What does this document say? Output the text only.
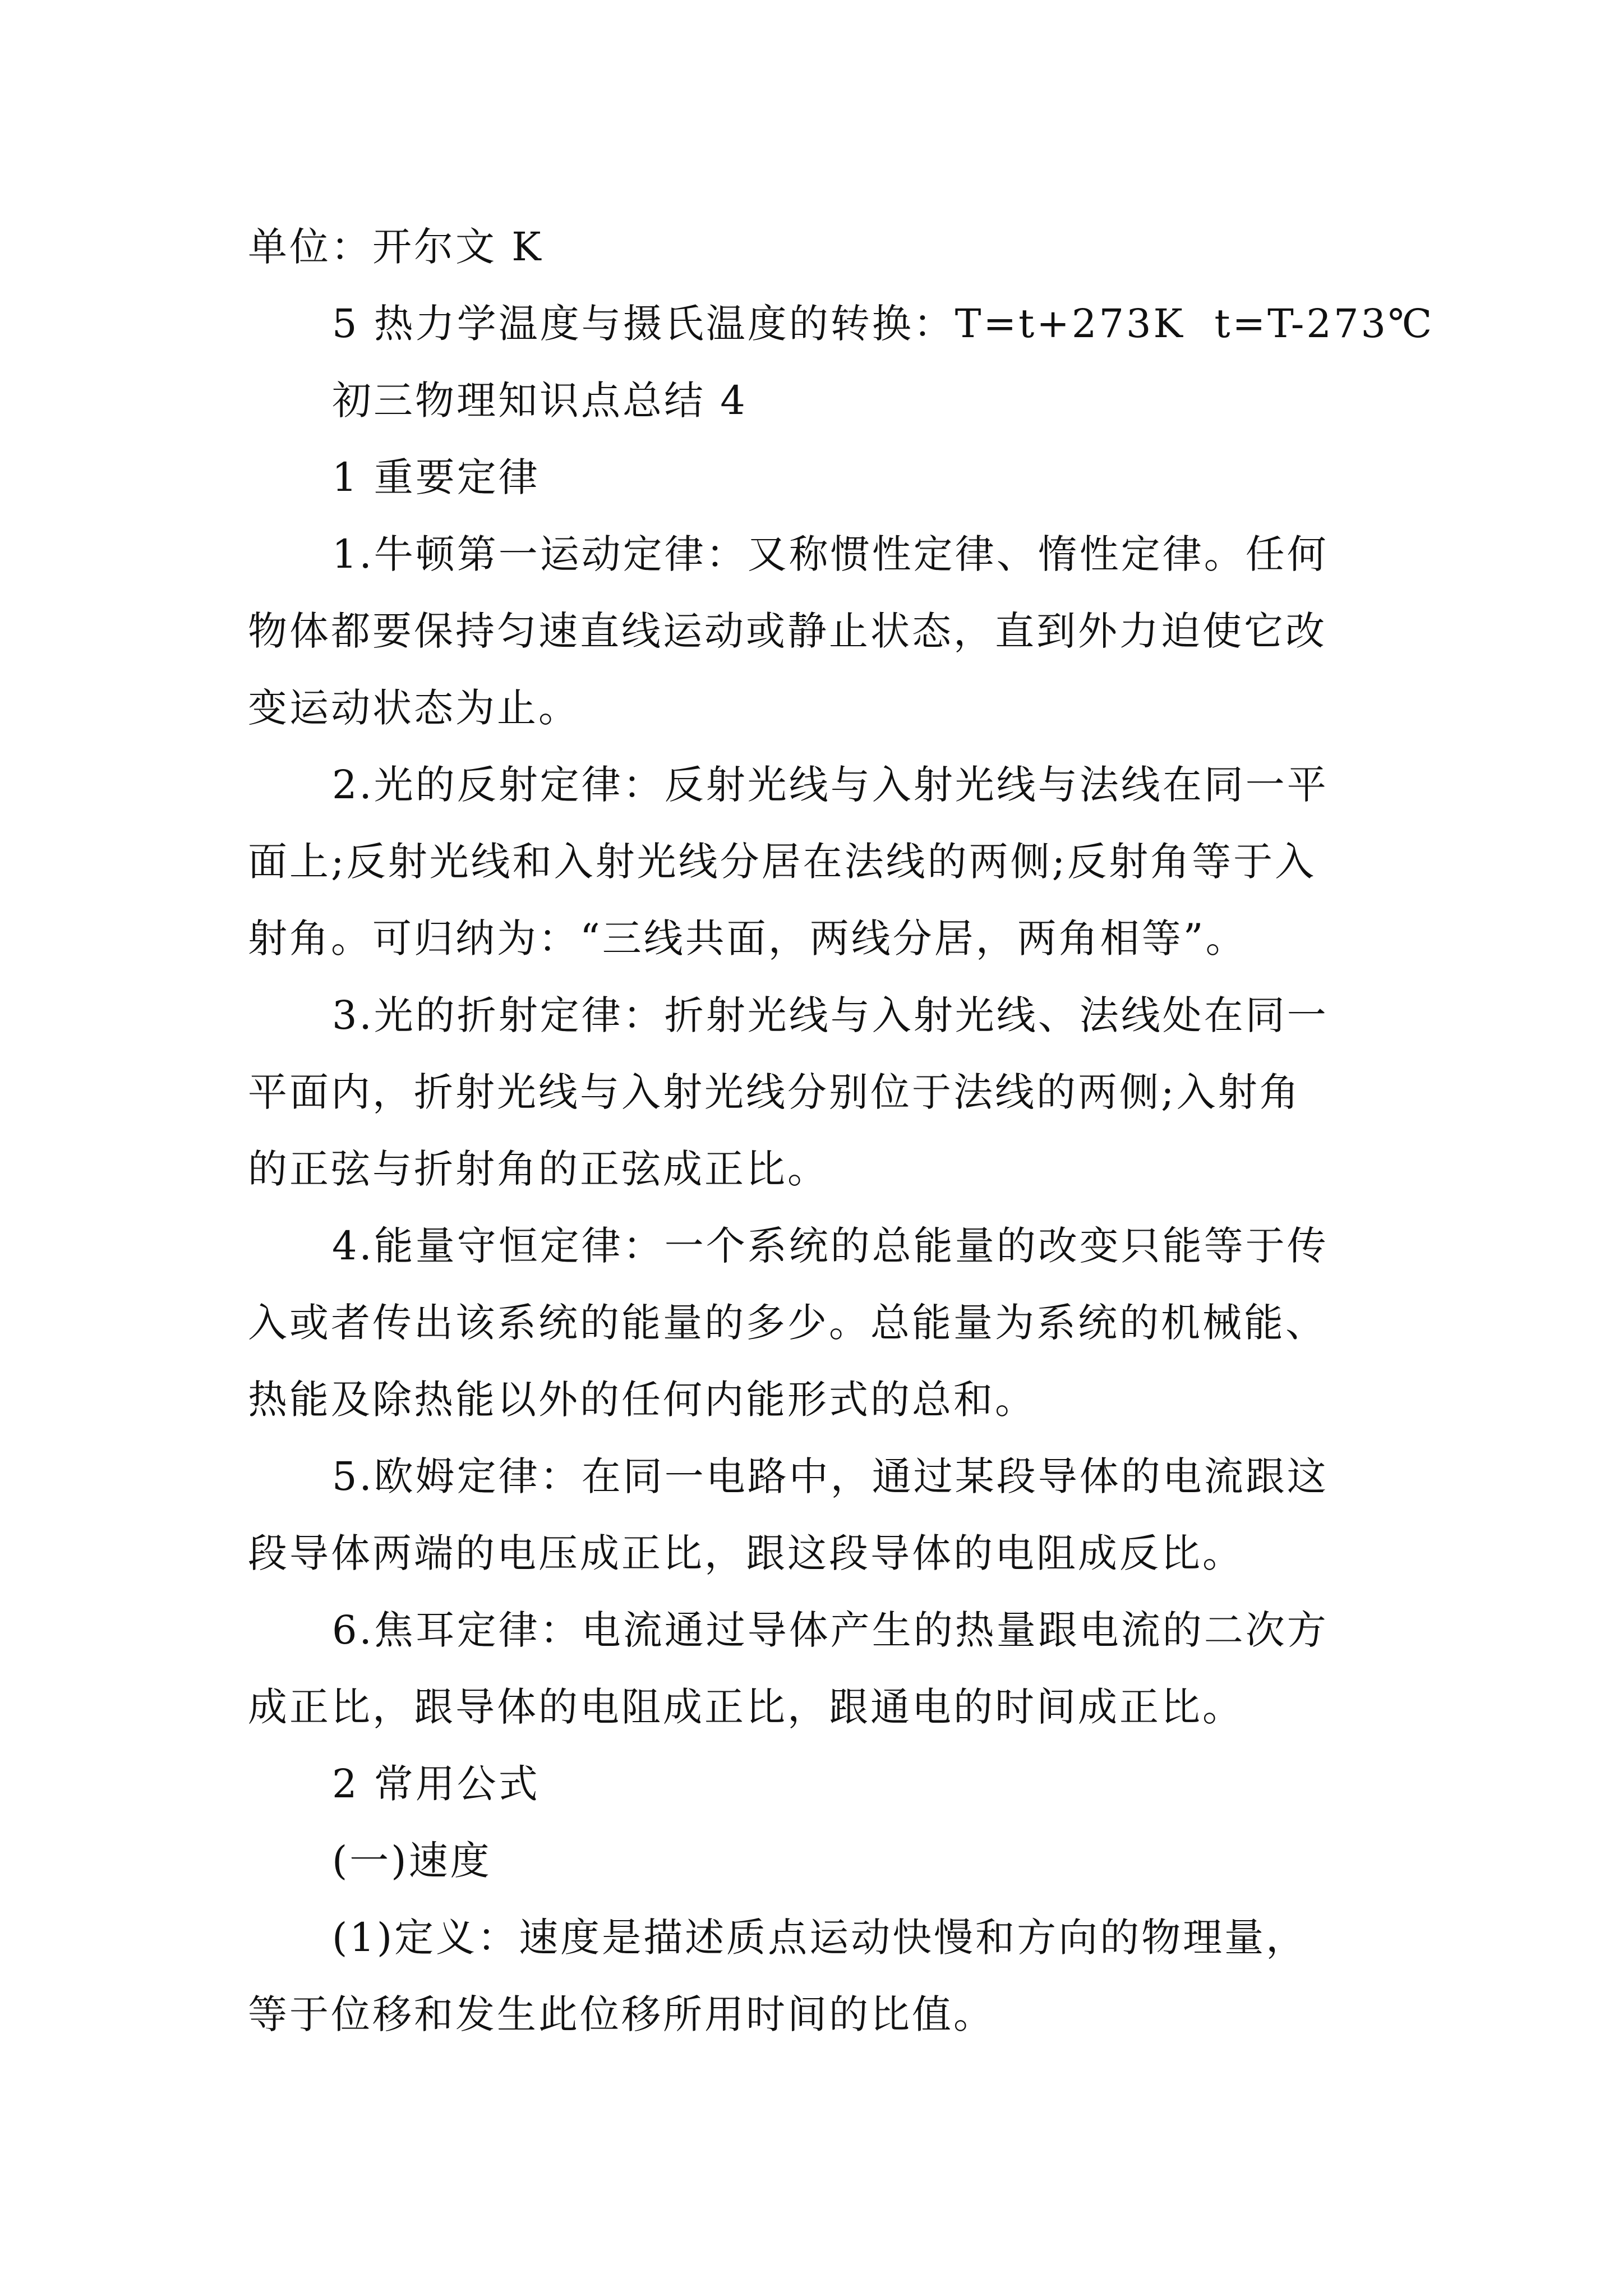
单位：开尔文 K
5 热力学温度与摄氏温度的转换：T=t+273K  t=T-273℃
初三物理知识点总结 4
1 重要定律
1.牛顿第一运动定律：又称惯性定律、惰性定律。任何
物体都要保持匀速直线运动或静止状态，直到外力迫使它改
变运动状态为止。
2.光的反射定律：反射光线与入射光线与法线在同一平
面上;反射光线和入射光线分居在法线的两侧;反射角等于入
射角。可归纳为：“三线共面，两线分居，两角相等”。
3.光的折射定律：折射光线与入射光线、法线处在同一
平面内，折射光线与入射光线分别位于法线的两侧;入射角
的正弦与折射角的正弦成正比。
4.能量守恒定律：一个系统的总能量的改变只能等于传
入或者传出该系统的能量的多少。总能量为系统的机械能、
热能及除热能以外的任何内能形式的总和。
5.欧姆定律：在同一电路中，通过某段导体的电流跟这
段导体两端的电压成正比，跟这段导体的电阻成反比。
6.焦耳定律：电流通过导体产生的热量跟电流的二次方
成正比，跟导体的电阻成正比，跟通电的时间成正比。
2 常用公式
(一)速度
(1)定义：速度是描述质点运动快慢和方向的物理量，
等于位移和发生此位移所用时间的比值。
